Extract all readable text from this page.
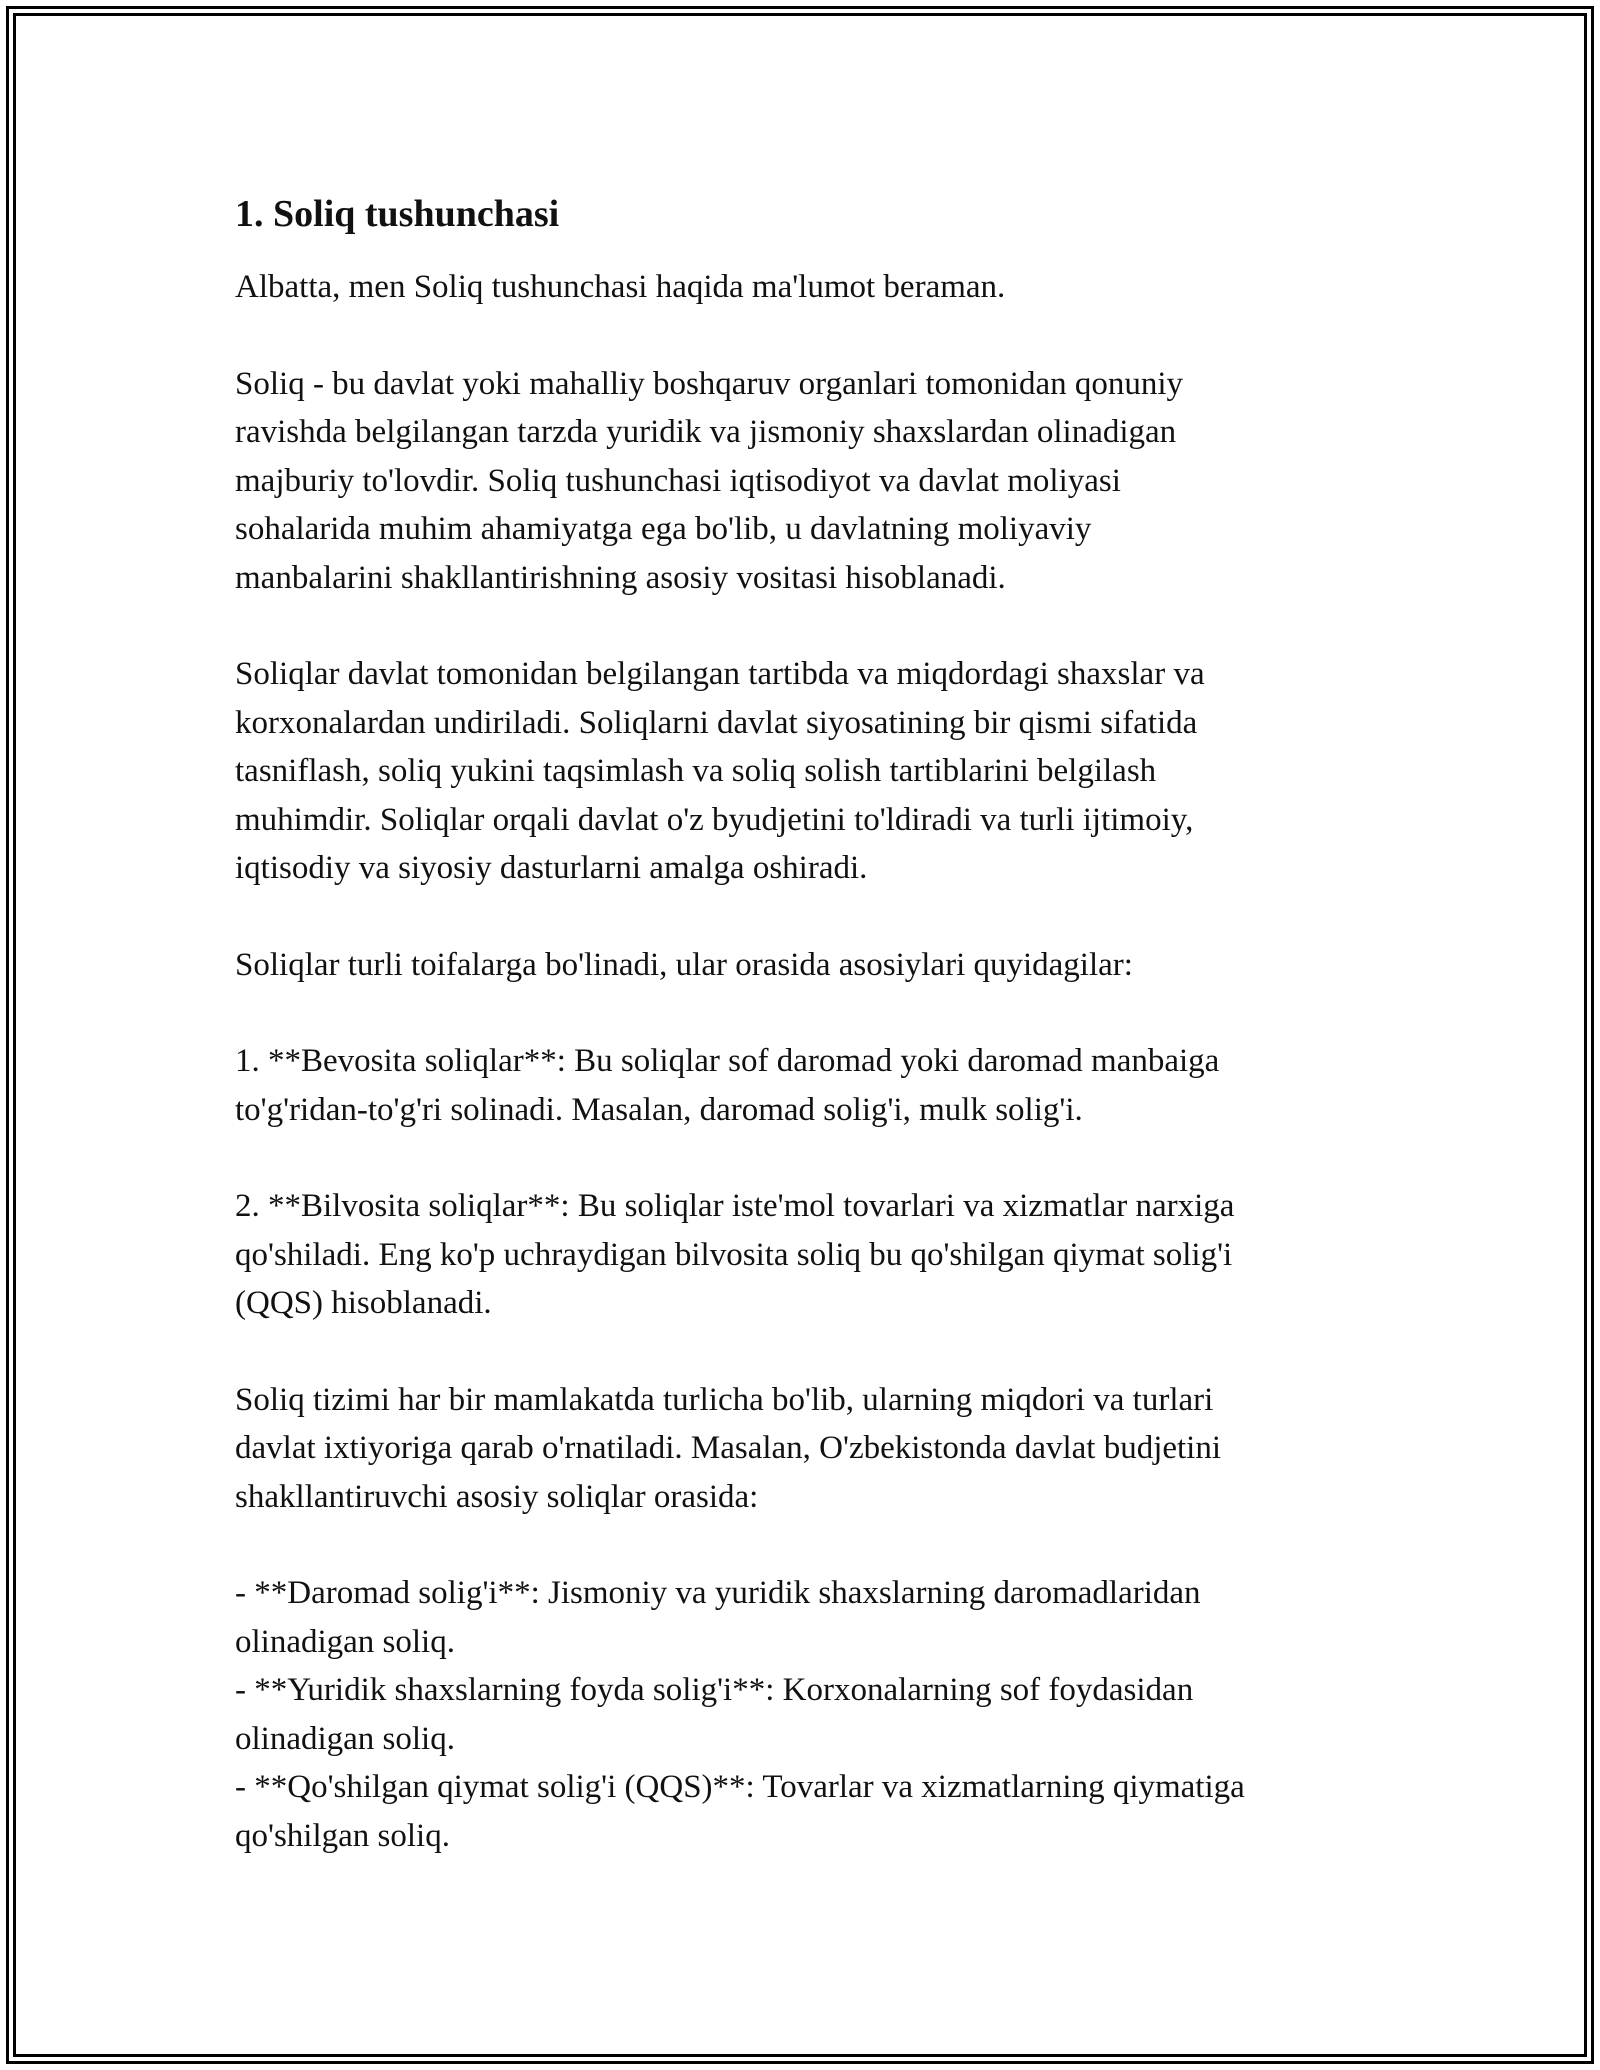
1. Soliq tushunchasi

Albatta, men Soliq tushunchasi haqida ma'lumot beraman.

Soliq - bu davlat yoki mahalliy boshqaruv organlari tomonidan qonuniy
ravishda belgilangan tarzda yuridik va jismoniy shaxslardan olinadigan
majburiy to'lovdir. Soliq tushunchasi iqtisodiyot va davlat moliyasi
sohalarida muhim ahamiyatga ega bo'lib, u davlatning moliyaviy
manbalarini shakllantirishning asosiy vositasi hisoblanadi.

Soliqlar davlat tomonidan belgilangan tartibda va miqdordagi shaxslar va
korxonalardan undiriladi. Soliqlarni davlat siyosatining bir qismi sifatida
tasniflash, soliq yukini taqsimlash va soliq solish tartiblarini belgilash
muhimdir. Soliqlar orqali davlat o'z byudjetini to'ldiradi va turli ijtimoiy,
iqtisodiy va siyosiy dasturlarni amalga oshiradi.

Soliqlar turli toifalarga bo'linadi, ular orasida asosiylari quyidagilar:

1. **Bevosita soliqlar**: Bu soliqlar sof daromad yoki daromad manbaiga
to'g'ridan-to'g'ri solinadi. Masalan, daromad solig'i, mulk solig'i.

2. **Bilvosita soliqlar**: Bu soliqlar iste'mol tovarlari va xizmatlar narxiga
qo'shiladi. Eng ko'p uchraydigan bilvosita soliq bu qo'shilgan qiymat solig'i
(QQS) hisoblanadi.

Soliq tizimi har bir mamlakatda turlicha bo'lib, ularning miqdori va turlari
davlat ixtiyoriga qarab o'rnatiladi. Masalan, O'zbekistonda davlat budjetini
shakllantiruvchi asosiy soliqlar orasida:

- **Daromad solig'i**: Jismoniy va yuridik shaxslarning daromadlaridan
olinadigan soliq.
- **Yuridik shaxslarning foyda solig'i**: Korxonalarning sof foydasidan
olinadigan soliq.
- **Qo'shilgan qiymat solig'i (QQS)**: Tovarlar va xizmatlarning qiymatiga
qo'shilgan soliq.
